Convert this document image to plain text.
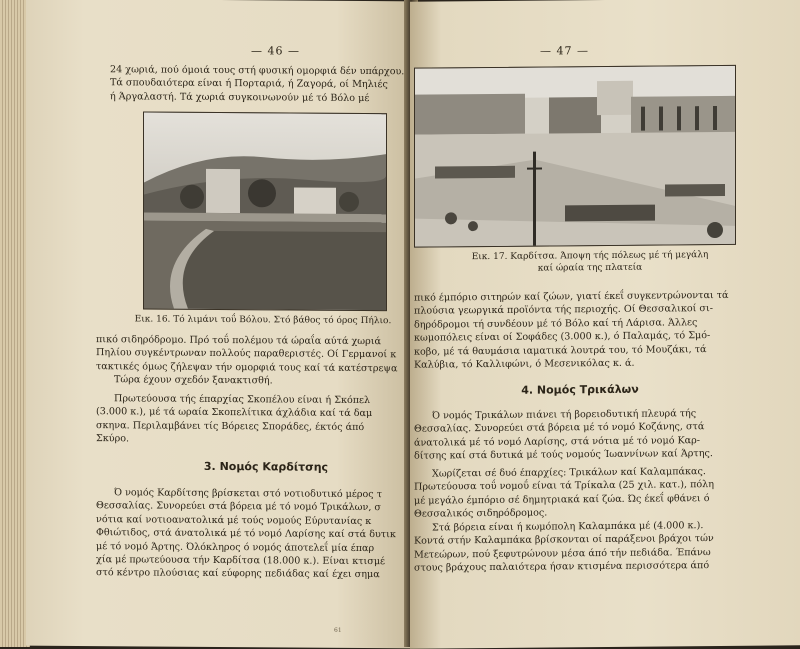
— 46 —

24 χωριά, πού όμοιά τους στή φυσική ομορφιά δέν υπάρχου.

Τά σπουδαιότερα είναι ή Πορταριά, ή Ζαγορά, οί Μηλιές

ή Άργαλαστή. Τά χωριά συγκοινωνούν μέ τό Βόλο μέ

Εικ. 16. Τό λιμάνι τοΰ Βόλου. Στό βάθος τό όρος Πήλιο.

πικό σιδηρόδρομο. Πρό τοΰ πολέμου τά ώραΐα αύτά χωριά

Πηλίου συγκέντρωναν πολλούς παραθεριστές. Οί Γερμανοί κ

τακτικές όμως ζήλεψαν τήν ομορφιά τους καί τά κατέστρεψα

Τώρα έχουν σχεδόν ξανακτισθή.

Πρωτεύουσα τής έπαρχίας Σκοπέλου είναι ή Σκόπελ

(3.000 κ.), μέ τά ωραία Σκοπελίτικα άχλάδια καί τά δαμ

σκηνα. Περιλαμβάνει τίς Βόρειες Σποράδες, έκτός άπό

Σκύρο.

3. Νομός Καρδίτσης

Ό νομός Καρδίτσης βρίσκεται στό νοτιοδυτικό μέρος τ

Θεσσαλίας. Συνορεύει στά βόρεια μέ τό νομό Τρικάλων, σ

νότια καί νοτιοανατολικά μέ τούς νομούς Εύρυτανίας κ

Φθιώτιδος, στά άνατολικά μέ τό νομό Λαρίσης καί στά δυτικ

μέ τό νομό Άρτης. Όλόκληρος ό νομός άποτελεΐ μία έπαρ

χία μέ πρωτεύουσα τήν Καρδίτσα (18.000 κ.). Είναι κτισμέ

στό κέντρο πλούσιας καί εύφορης πεδιάδας καί έχει σημα

61
— 47 —
Εικ. 17. Καρδίτσα. Άποψη τής πόλεως μέ τή μεγάλη
καί ώραία της πλατεία

πικό έμπόριο σιτηρών καί ζώων, γιατί έκεΐ συγκεντρώνονται τά

πλούσια γεωργικά προϊόντα τής περιοχής. Οί Θεσσαλικοί σι-

δηρόδρομοι τή συνδέουν μέ τό Βόλο καί τή Λάρισα. Άλλες

κωμοπόλεις είναι οί Σοφάδες (3.000 κ.), ό Παλαμάς, τό Σμό-

κοβο, μέ τά θαυμάσια ιαματικά λουτρά του, τό Μουζάκι, τά

Καλύβια, τό Καλλιφώνι, ό Μεσενικόλας κ. ά.

4. Νομός Τρικάλων

Ό νομός Τρικάλων πιάνει τή βορειοδυτική πλευρά τής

Θεσσαλίας. Συνορεύει στά βόρεια μέ τό νομό Κοζάνης, στά

άνατολικά μέ τό νομό Λαρίσης, στά νότια μέ τό νομό Καρ-

δίτσης καί στά δυτικά μέ τούς νομούς Ίωαννίνων καί Άρτης.

Χωρίζεται σέ δυό έπαρχίες: Τρικάλων καί Καλαμπάκας.

Πρωτεύουσα τοΰ νομοΰ είναι τά Τρίκαλα (25 χιλ. κατ.), πόλη

μέ μεγάλο έμπόριο σέ δημητριακά καί ζώα. Ώς έκεΐ φθάνει ό

Θεσσαλικός σιδηρόδρομος.

Στά βόρεια είναι ή κωμόπολη Καλαμπάκα μέ (4.000 κ.).

Κοντά στήν Καλαμπάκα βρίσκονται οί παράξενοι βράχοι τών

Μετεώρων, πού ξεφυτρώνουν μέσα άπό τήν πεδιάδα. Έπάνω

στους βράχους παλαιότερα ήσαν κτισμένα περισσότερα άπό
